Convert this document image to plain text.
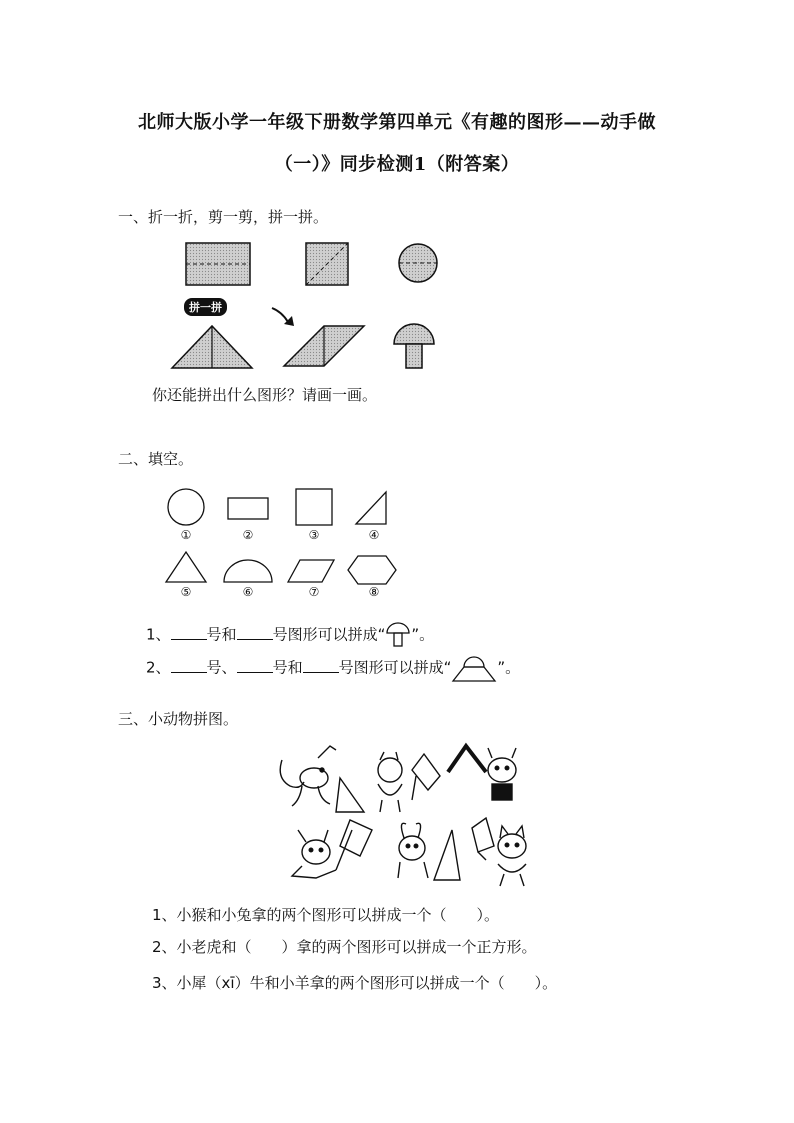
北师大版小学一年级下册数学第四单元《有趣的图形——动手做
（一）》同步检测1（附答案）
一、折一折，剪一剪，拼一拼。
拼一拼
你还能拼出什么图形？请画一画。
二、填空。
①	②	③	④
⑤	⑥	⑦	⑧
1、 号和 号图形可以拼成“ ”。
2、 号、 号和 号图形可以拼成“	”。
三、小动物拼图。
1、小猴和小兔拿的两个图形可以拼成一个（　　）。
2、小老虎和（　　）拿的两个图形可以拼成一个正方形。
3、小犀（xī）牛和小羊拿的两个图形可以拼成一个（　　）。
